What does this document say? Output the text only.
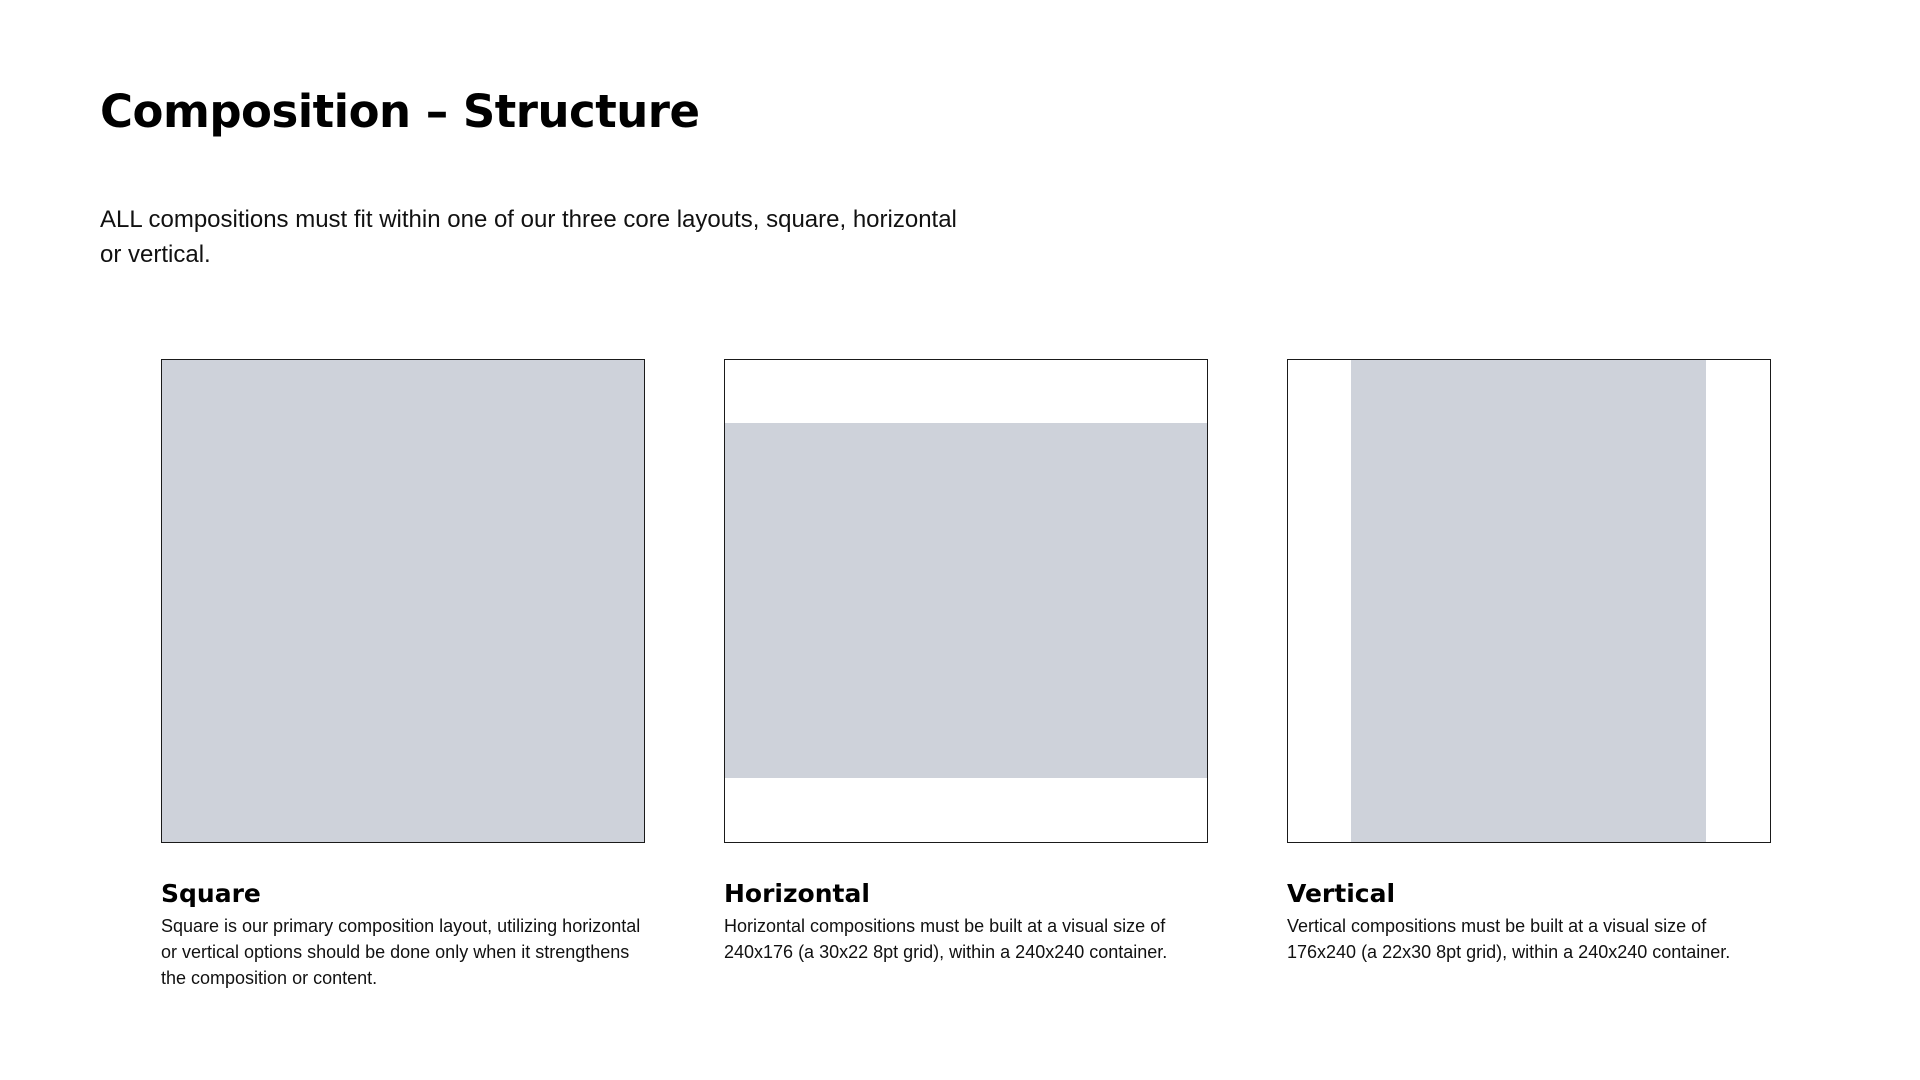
Composition – Structure

ALL compositions must fit within one of our three core layouts, square, horizontal or vertical.

Square

Square is our primary composition layout, utilizing horizontal or vertical options should be done only when it strengthens the composition or content.

Horizontal

Horizontal compositions must be built at a visual size of 240x176 (a 30x22 8pt grid), within a 240x240 container.

Vertical

Vertical compositions must be built at a visual size of 176x240 (a 22x30 8pt grid), within a 240x240 container.
